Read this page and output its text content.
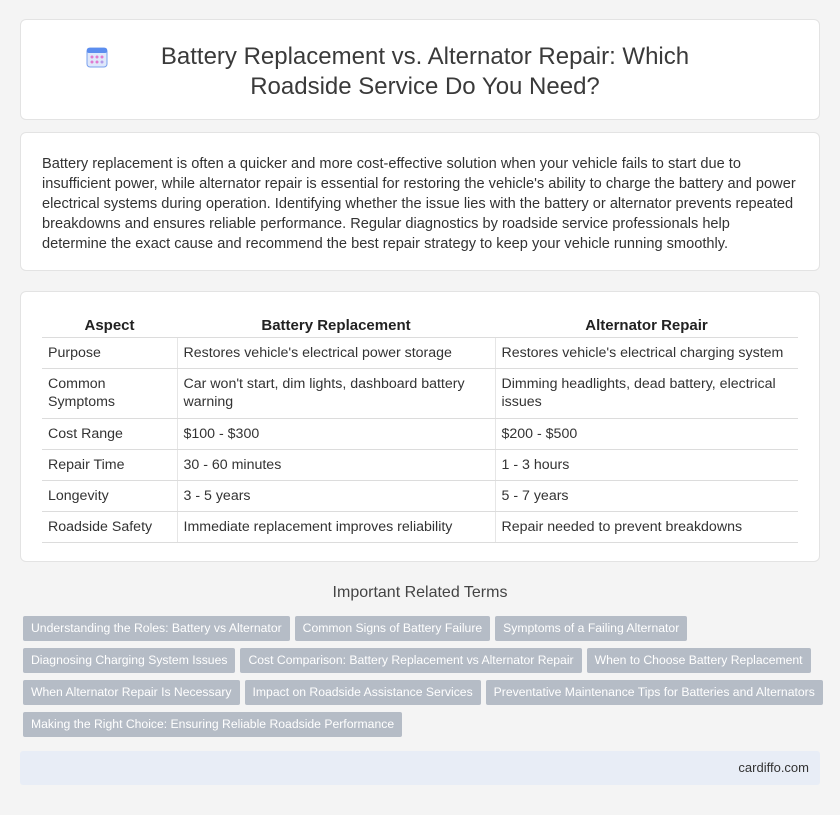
Battery Replacement vs. Alternator Repair: Which Roadside Service Do You Need?

Battery replacement is often a quicker and more cost-effective solution when your vehicle fails to start due to insufficient power, while alternator repair is essential for restoring the vehicle's ability to charge the battery and power electrical systems during operation. Identifying whether the issue lies with the battery or alternator prevents repeated breakdowns and ensures reliable performance. Regular diagnostics by roadside service professionals help determine the exact cause and recommend the best repair strategy to keep your vehicle running smoothly.

Aspect	Battery Replacement	Alternator Repair
Purpose	Restores vehicle's electrical power storage	Restores vehicle's electrical charging system
Common Symptoms	Car won't start, dim lights, dashboard battery warning	Dimming headlights, dead battery, electrical issues
Cost Range	$100 - $300	$200 - $500
Repair Time	30 - 60 minutes	1 - 3 hours
Longevity	3 - 5 years	5 - 7 years
Roadside Safety	Immediate replacement improves reliability	Repair needed to prevent breakdowns
Important Related Terms
Understanding the Roles: Battery vs Alternator Common Signs of Battery Failure Symptoms of a Failing Alternator
Diagnosing Charging System Issues Cost Comparison: Battery Replacement vs Alternator Repair When to Choose Battery Replacement
When Alternator Repair Is Necessary Impact on Roadside Assistance Services Preventative Maintenance Tips for Batteries and Alternators
Making the Right Choice: Ensuring Reliable Roadside Performance
cardiffo.com
